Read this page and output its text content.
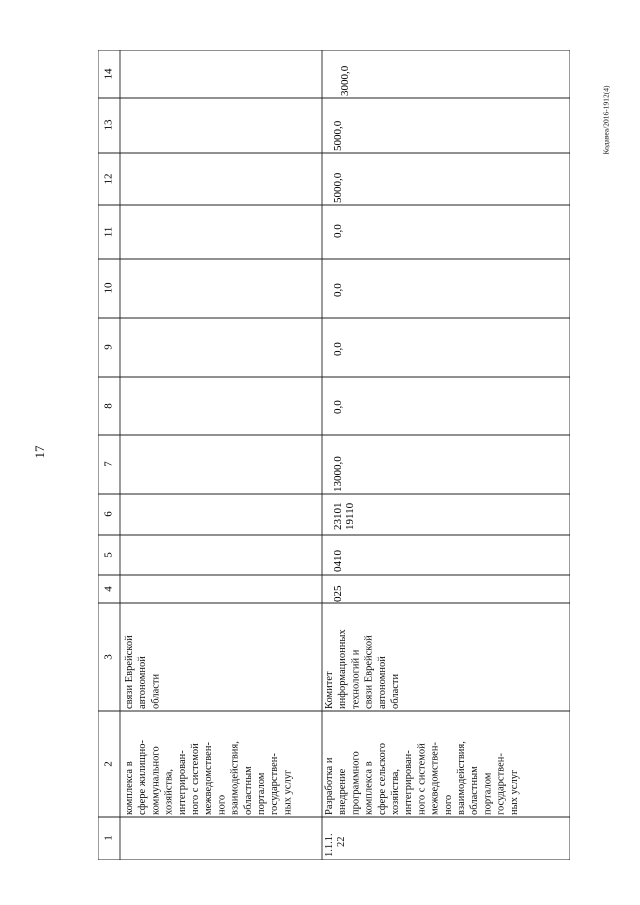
17
Кодавеа/2016-1912(4)
1
2
3
4
5
6
7
8
9
10
11
12
13
14
комплекса в сфере жилищно- коммунального хозяйства, интегрирован- ного с системой межведомствен- ного взаимодействия, областным порталом государствен- ных услуг
связи Еврейской автономной области
3000,0
1.1.1. 22
Разработка и внедрение программного комплекса в сфере сельского хозяйства, интегрирован- ного с системой межведомствен- ного взаимодействия, областным порталом государствен- ных услуг
Комитет информационных технологий и связи Еврейской автономной области
025
0410
23101 19110
13000,0
0,0
0,0
0,0
0,0
5000,0
5000,0
